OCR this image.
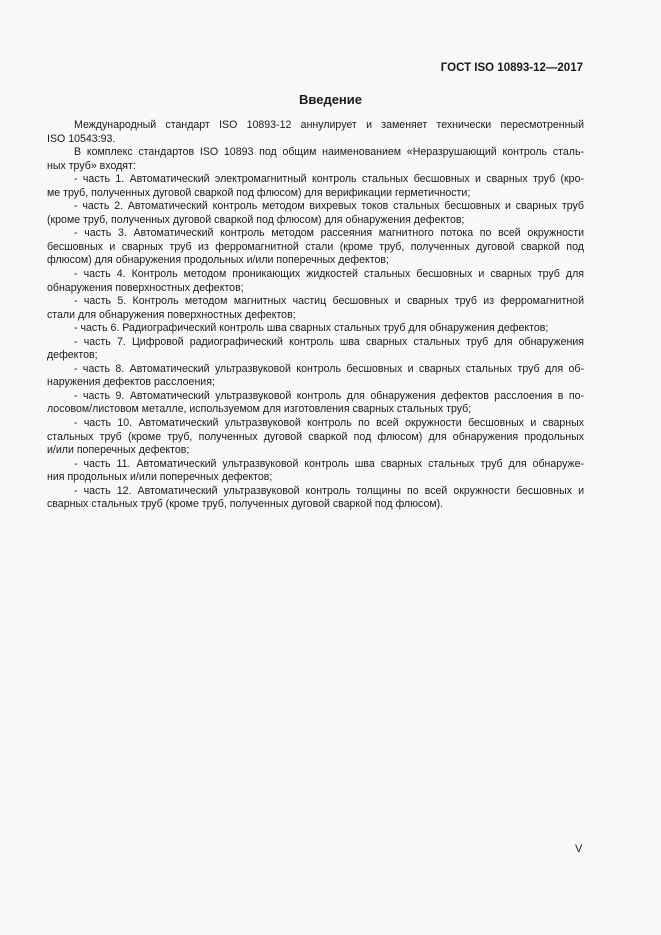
ГОСТ ISO 10893-12—2017
Введение
Международный стандарт ISO 10893-12 аннулирует и заменяет технически пересмотренный
ISO 10543:93.
В комплекс стандартов ISO 10893 под общим наименованием «Неразрушающий контроль сталь-
ных труб» входят:
- часть 1. Автоматический электромагнитный контроль стальных бесшовных и сварных труб (кро-
ме труб, полученных дуговой сваркой под флюсом) для верификации герметичности;
- часть 2. Автоматический контроль методом вихревых токов стальных бесшовных и сварных труб
(кроме труб, полученных дуговой сваркой под флюсом) для обнаружения дефектов;
- часть 3. Автоматический контроль методом рассеяния магнитного потока по всей окружности
бесшовных и сварных труб из ферромагнитной стали (кроме труб, полученных дуговой сваркой под
флюсом) для обнаружения продольных и/или поперечных дефектов;
- часть 4. Контроль методом проникающих жидкостей стальных бесшовных и сварных труб для
обнаружения поверхностных дефектов;
- часть 5. Контроль методом магнитных частиц бесшовных и сварных труб из ферромагнитной
стали для обнаружения поверхностных дефектов;
- часть 6. Радиографический контроль шва сварных стальных труб для обнаружения дефектов;
- часть 7. Цифровой радиографический контроль шва сварных стальных труб для обнаружения
дефектов;
- часть 8. Автоматический ультразвуковой контроль бесшовных и сварных стальных труб для об-
наружения дефектов расслоения;
- часть 9. Автоматический ультразвуковой контроль для обнаружения дефектов расслоения в по-
лосовом/листовом металле, используемом для изготовления сварных стальных труб;
- часть 10. Автоматический ультразвуковой контроль по всей окружности бесшовных и сварных
стальных труб (кроме труб, полученных дуговой сваркой под флюсом) для обнаружения продольных
и/или поперечных дефектов;
- часть 11. Автоматический ультразвуковой контроль шва сварных стальных труб для обнаруже-
ния продольных и/или поперечных дефектов;
- часть 12. Автоматический ультразвуковой контроль толщины по всей окружности бесшовных и
сварных стальных труб (кроме труб, полученных дуговой сваркой под флюсом).
V
